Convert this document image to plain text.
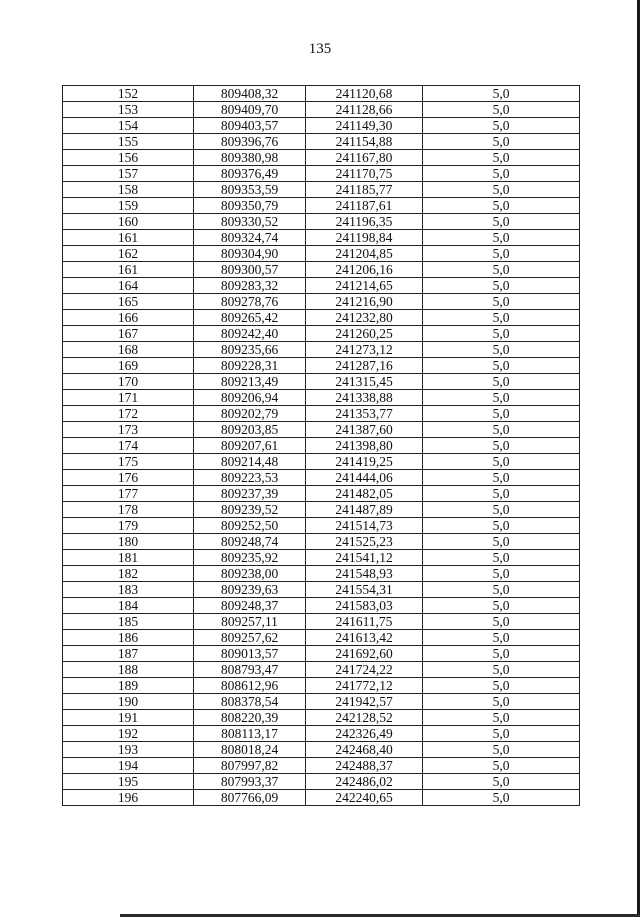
135
152	809408,32	241120,68	5,0
153	809409,70	241128,66	5,0
154	809403,57	241149,30	5,0
155	809396,76	241154,88	5,0
156	809380,98	241167,80	5,0
157	809376,49	241170,75	5,0
158	809353,59	241185,77	5,0
159	809350,79	241187,61	5,0
160	809330,52	241196,35	5,0
161	809324,74	241198,84	5,0
162	809304,90	241204,85	5,0
161	809300,57	241206,16	5,0
164	809283,32	241214,65	5,0
165	809278,76	241216,90	5,0
166	809265,42	241232,80	5,0
167	809242,40	241260,25	5,0
168	809235,66	241273,12	5,0
169	809228,31	241287,16	5,0
170	809213,49	241315,45	5,0
171	809206,94	241338,88	5,0
172	809202,79	241353,77	5,0
173	809203,85	241387,60	5,0
174	809207,61	241398,80	5,0
175	809214,48	241419,25	5,0
176	809223,53	241444,06	5,0
177	809237,39	241482,05	5,0
178	809239,52	241487,89	5,0
179	809252,50	241514,73	5,0
180	809248,74	241525,23	5,0
181	809235,92	241541,12	5,0
182	809238,00	241548,93	5,0
183	809239,63	241554,31	5,0
184	809248,37	241583,03	5,0
185	809257,11	241611,75	5,0
186	809257,62	241613,42	5,0
187	809013,57	241692,60	5,0
188	808793,47	241724,22	5,0
189	808612,96	241772,12	5,0
190	808378,54	241942,57	5,0
191	808220,39	242128,52	5,0
192	808113,17	242326,49	5,0
193	808018,24	242468,40	5,0
194	807997,82	242488,37	5,0
195	807993,37	242486,02	5,0
196	807766,09	242240,65	5,0
